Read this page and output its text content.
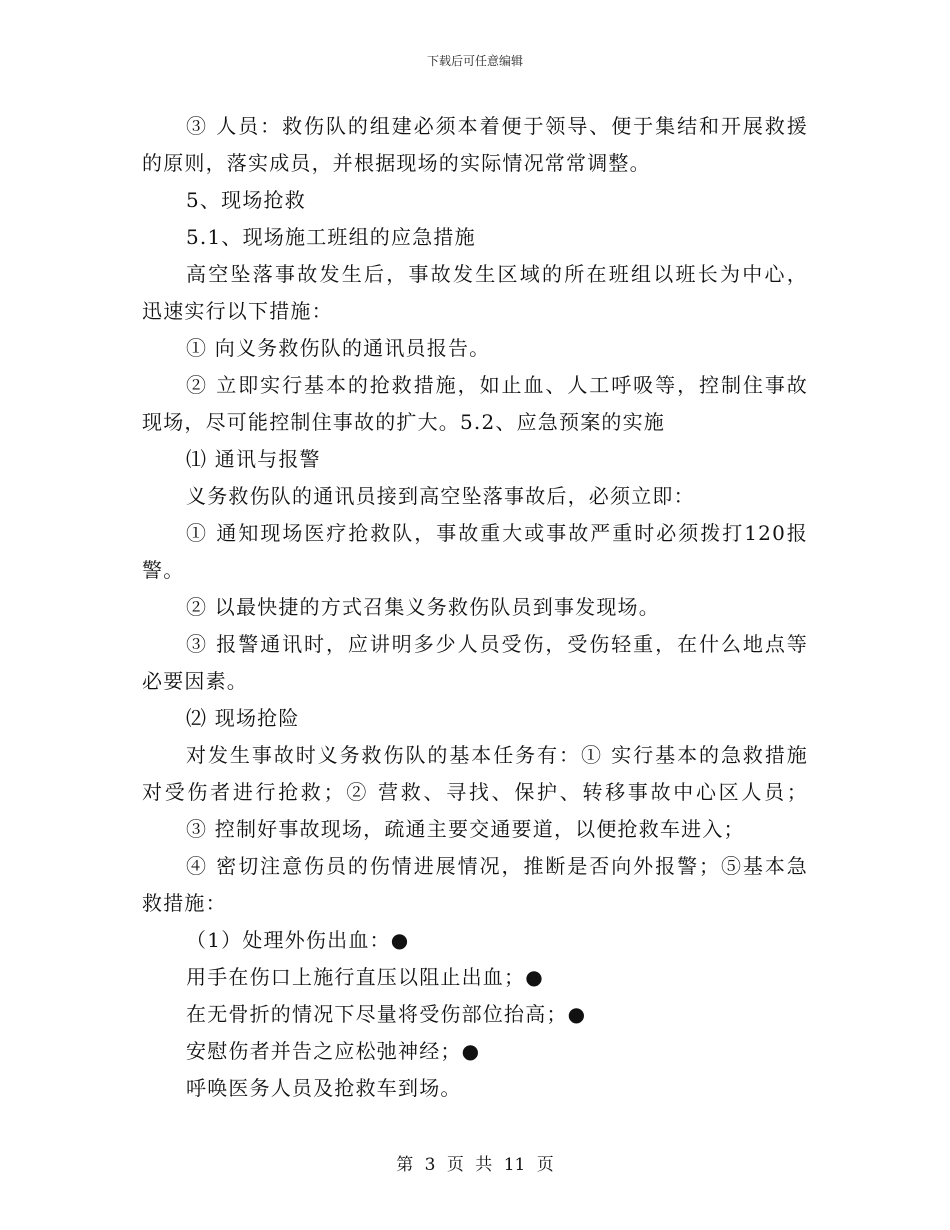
下载后可任意编辑
③ 人员：救伤队的组建必须本着便于领导、便于集结和开展救援
的原则，落实成员，并根据现场的实际情况常常调整。
5、现场抢救
5.1、现场施工班组的应急措施
高空坠落事故发生后，事故发生区域的所在班组以班长为中心，
迅速实行以下措施：
① 向义务救伤队的通讯员报告。
② 立即实行基本的抢救措施，如止血、人工呼吸等，控制住事故
现场，尽可能控制住事故的扩大。5.2、应急预案的实施
⑴ 通讯与报警
义务救伤队的通讯员接到高空坠落事故后，必须立即：
① 通知现场医疗抢救队，事故重大或事故严重时必须拨打120报
警。
② 以最快捷的方式召集义务救伤队员到事发现场。
③ 报警通讯时，应讲明多少人员受伤，受伤轻重，在什么地点等
必要因素。
⑵ 现场抢险
对发生事故时义务救伤队的基本任务有：① 实行基本的急救措施
对受伤者进行抢救；② 营救、寻找、保护、转移事故中心区人员；
③ 控制好事故现场，疏通主要交通要道，以便抢救车进入；
④ 密切注意伤员的伤情进展情况，推断是否向外报警；⑤基本急
救措施：
（1）处理外伤出血：●
用手在伤口上施行直压以阻止出血；●
在无骨折的情况下尽量将受伤部位抬高；●
安慰伤者并告之应松弛神经；●
呼唤医务人员及抢救车到场。
第 3 页 共 11 页
